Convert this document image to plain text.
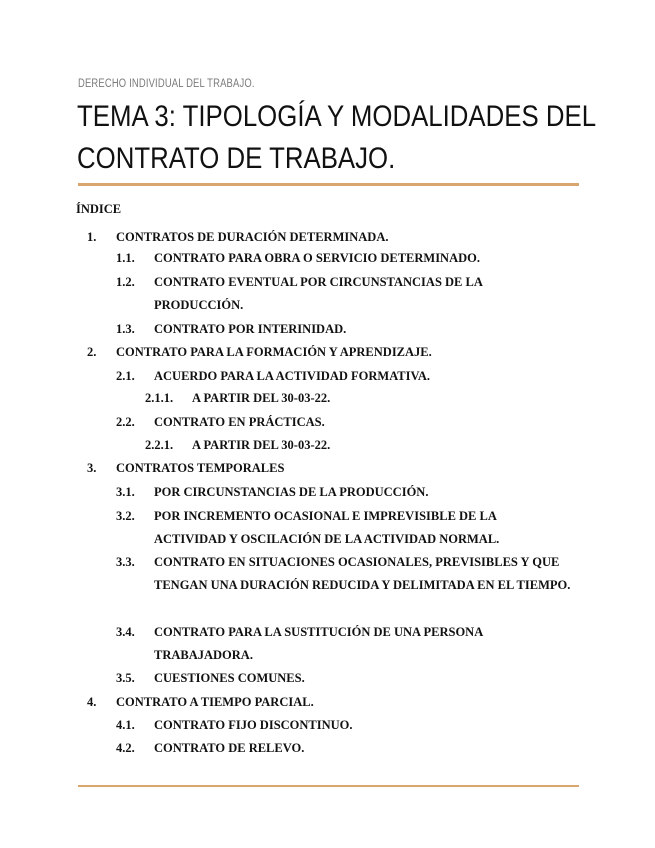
DERECHO INDIVIDUAL DEL TRABAJO.
TEMA 3: TIPOLOGÍA Y MODALIDADES DEL
CONTRATO DE TRABAJO.
ÍNDICE
1. CONTRATOS DE DURACIÓN DETERMINADA.
1.1. CONTRATO PARA OBRA O SERVICIO DETERMINADO.
1.2. CONTRATO EVENTUAL POR CIRCUNSTANCIAS DE LA PRODUCCIÓN.
1.3. CONTRATO POR INTERINIDAD.
2. CONTRATO PARA LA FORMACIÓN Y APRENDIZAJE.
2.1. ACUERDO PARA LA ACTIVIDAD FORMATIVA.
2.1.1. A PARTIR DEL 30-03-22.
2.2. CONTRATO EN PRÁCTICAS.
2.2.1. A PARTIR DEL 30-03-22.
3. CONTRATOS TEMPORALES
3.1. POR CIRCUNSTANCIAS DE LA PRODUCCIÓN.
3.2. POR INCREMENTO OCASIONAL E IMPREVISIBLE DE LA ACTIVIDAD Y OSCILACIÓN DE LA ACTIVIDAD NORMAL.
3.3. CONTRATO EN SITUACIONES OCASIONALES, PREVISIBLES Y QUE TENGAN UNA DURACIÓN REDUCIDA Y DELIMITADA EN EL TIEMPO.
3.4. CONTRATO PARA LA SUSTITUCIÓN DE UNA PERSONA TRABAJADORA.
3.5. CUESTIONES COMUNES.
4. CONTRATO A TIEMPO PARCIAL.
4.1. CONTRATO FIJO DISCONTINUO.
4.2. CONTRATO DE RELEVO.
